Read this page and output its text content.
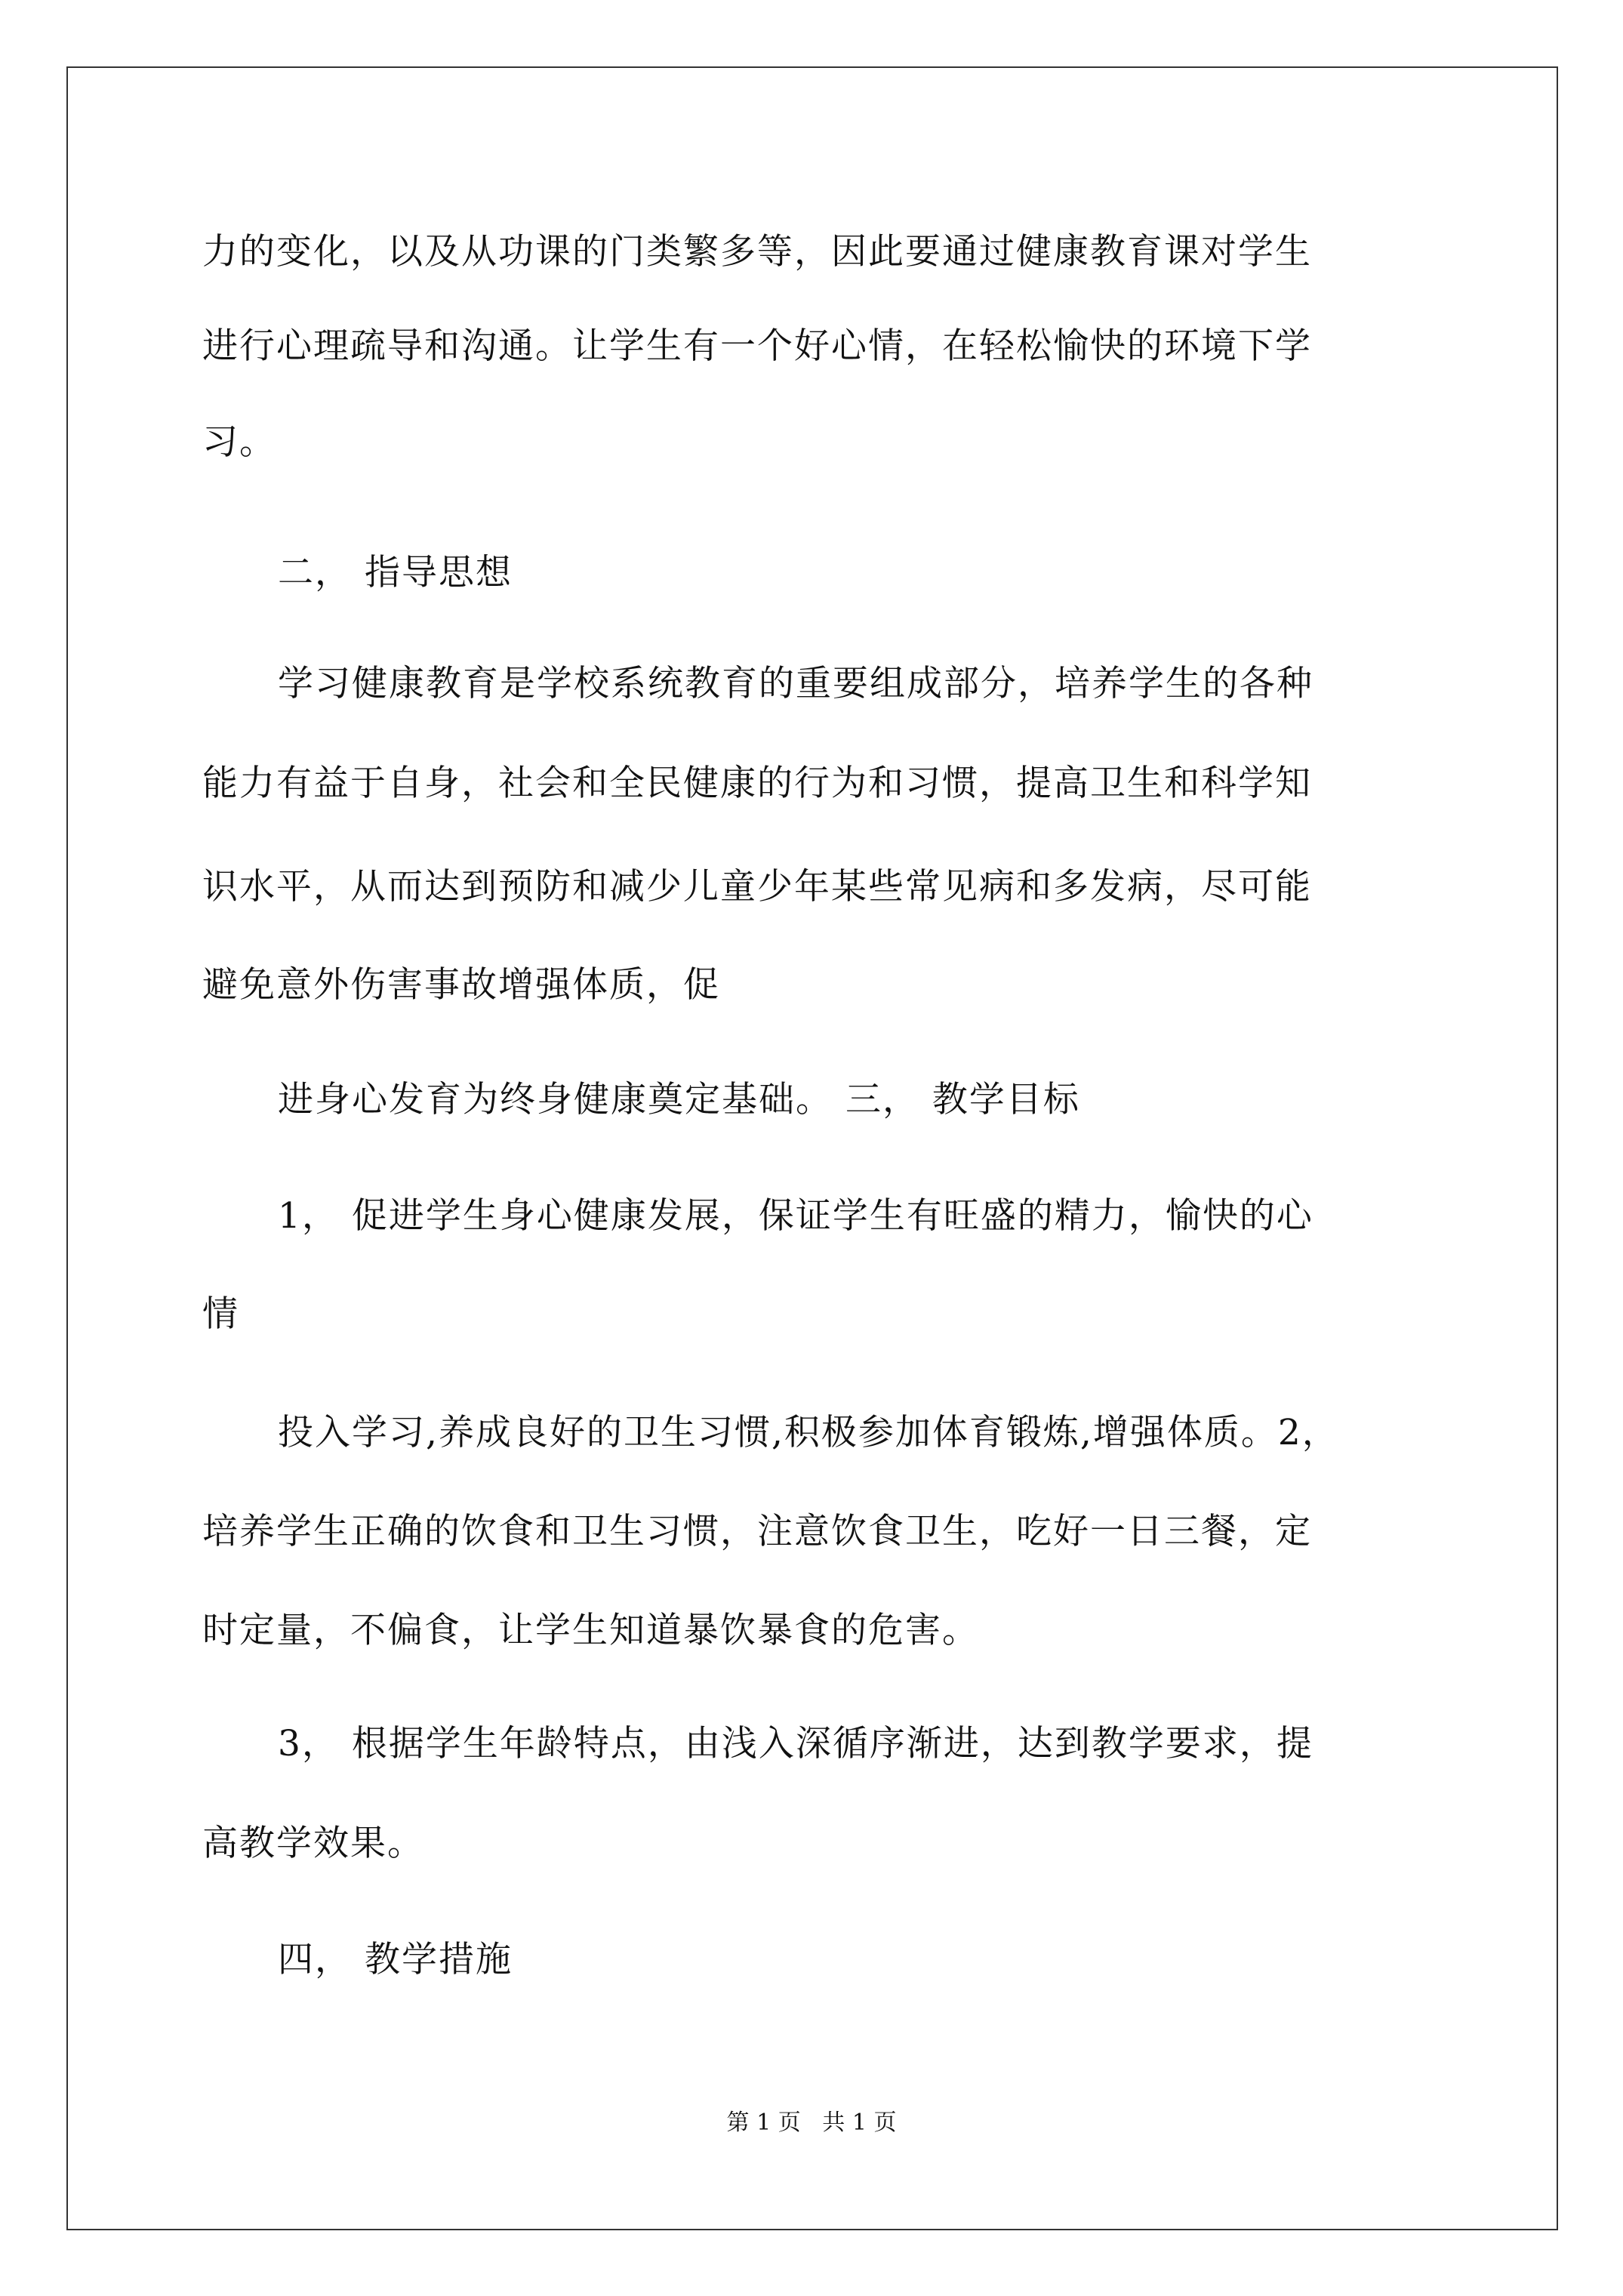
力的变化，以及从功课的门类繁多等，因此要通过健康教育课对学生
进行心理疏导和沟通。让学生有一个好心情，在轻松愉快的环境下学
习。
二， 指导思想
学习健康教育是学校系统教育的重要组成部分，培养学生的各种
能力有益于自身，社会和全民健康的行为和习惯，提高卫生和科学知
识水平，从而达到预防和减少儿童少年某些常见病和多发病，尽可能
避免意外伤害事故增强体质，促
进身心发育为终身健康奠定基础。 三， 教学目标
1， 促进学生身心健康发展，保证学生有旺盛的精力，愉快的心
情
投入学习,养成良好的卫生习惯,积极参加体育锻炼,增强体质。2，
培养学生正确的饮食和卫生习惯，注意饮食卫生，吃好一日三餐，定
时定量，不偏食，让学生知道暴饮暴食的危害。
3， 根据学生年龄特点，由浅入深循序渐进，达到教学要求，提
高教学效果。
四， 教学措施
第 1 页   共 1 页
